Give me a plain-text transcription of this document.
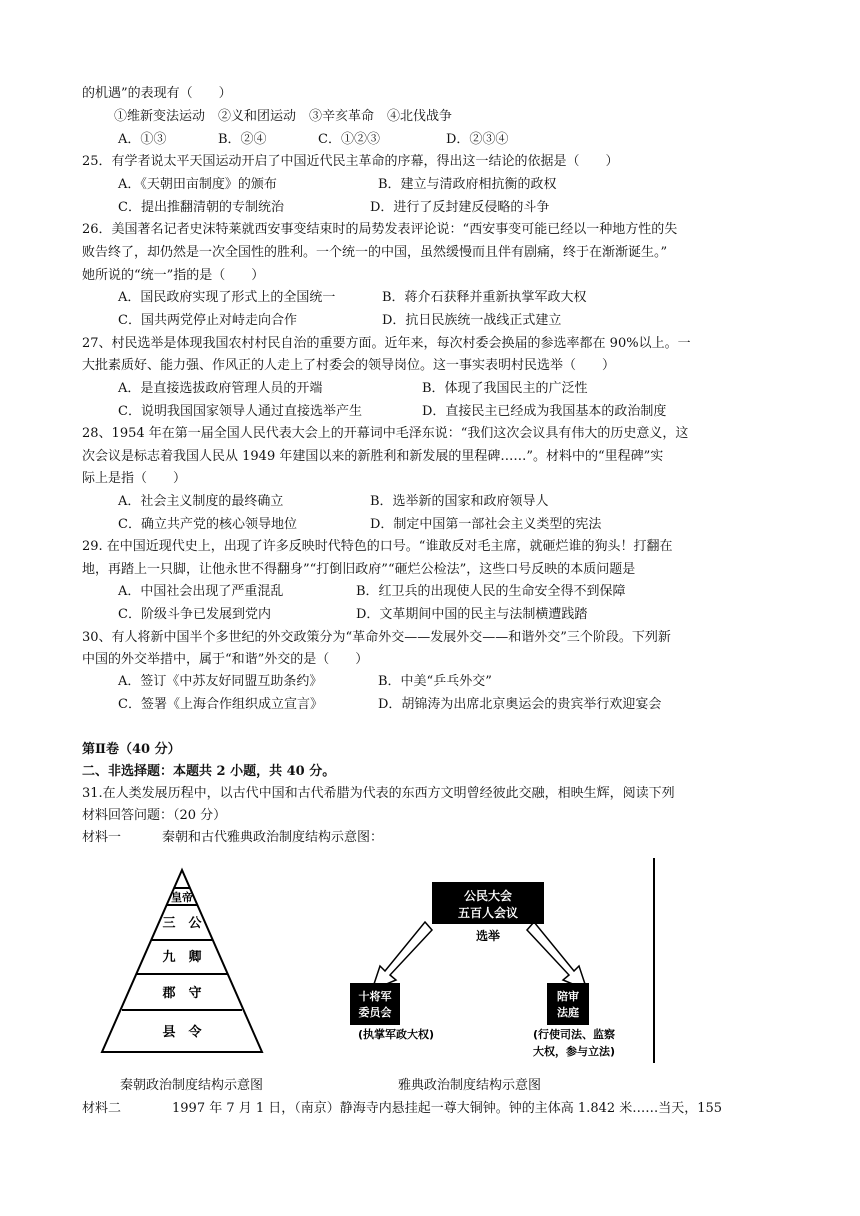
的机遇”的表现有（　　）
①维新变法运动　②义和团运动　③辛亥革命　④北伐战争
A．①③	B．②④	C．①②③	D．②③④
25．有学者说太平天国运动开启了中国近代民主革命的序幕，得出这一结论的依据是（　　）
A．《天朝田亩制度》的颁布	B．建立与清政府相抗衡的政权
C．提出推翻清朝的专制统治	D．进行了反封建反侵略的斗争
26．美国著名记者史沫特莱就西安事变结束时的局势发表评论说：“西安事变可能已经以一种地方性的失
败告终了，却仍然是一次全国性的胜利。一个统一的中国，虽然缓慢而且伴有剧痛，终于在渐渐诞生。”
她所说的“统一”指的是（　　）
A．国民政府实现了形式上的全国统一	B．蒋介石获释并重新执掌军政大权
C．国共两党停止对峙走向合作	D．抗日民族统一战线正式建立
27、村民选举是体现我国农村村民自治的重要方面。近年来，每次村委会换届的参选率都在 90%以上。一
大批素质好、能力强、作风正的人走上了村委会的领导岗位。这一事实表明村民选举（　　）
A．是直接选拔政府管理人员的开端	B．体现了我国民主的广泛性
C．说明我国国家领导人通过直接选举产生	D．直接民主已经成为我国基本的政治制度
28、1954 年在第一届全国人民代表大会上的开幕词中毛泽东说：“我们这次会议具有伟大的历史意义，这
次会议是标志着我国人民从 1949 年建国以来的新胜利和新发展的里程碑……”。材料中的“里程碑”实
际上是指（　　）
A．社会主义制度的最终确立	B．选举新的国家和政府领导人
C．确立共产党的核心领导地位	D．制定中国第一部社会主义类型的宪法
29. 在中国近现代史上，出现了许多反映时代特色的口号。“谁敢反对毛主席，就砸烂谁的狗头！打翻在
地，再踏上一只脚，让他永世不得翻身”“打倒旧政府”“砸烂公检法”，这些口号反映的本质问题是
A．中国社会出现了严重混乱	B．红卫兵的出现使人民的生命安全得不到保障
C．阶级斗争已发展到党内	D．文革期间中国的民主与法制横遭践踏
30、有人将新中国半个多世纪的外交政策分为“革命外交——发展外交——和谐外交”三个阶段。下列新
中国的外交举措中，属于“和谐”外交的是（　　）
A．签订《中苏友好同盟互助条约》	B．中美“乒乓外交”
C．签署《上海合作组织成立宣言》	D．胡锦涛为出席北京奥运会的贵宾举行欢迎宴会
第Ⅱ卷（40 分）
二、非选择题：本题共 2 小题，共 40 分。
31.在人类发展历程中，以古代中国和古代希腊为代表的东西方文明曾经彼此交融，相映生辉，阅读下列
材料回答问题：（20 分）
材料一	秦朝和古代雅典政治制度结构示意图：
皇帝
三　公
九　卿
郡　守
县　令
公民大会
五百人会议
选举
十将军
委员会
(执掌军政大权)
陪审
法庭
(行使司法、监察
大权，参与立法)
秦朝政治制度结构示意图	雅典政治制度结构示意图
材料二	1997 年 7 月 1 日，（南京）静海寺内悬挂起一尊大铜钟。钟的主体高 1.842 米……当天，155
